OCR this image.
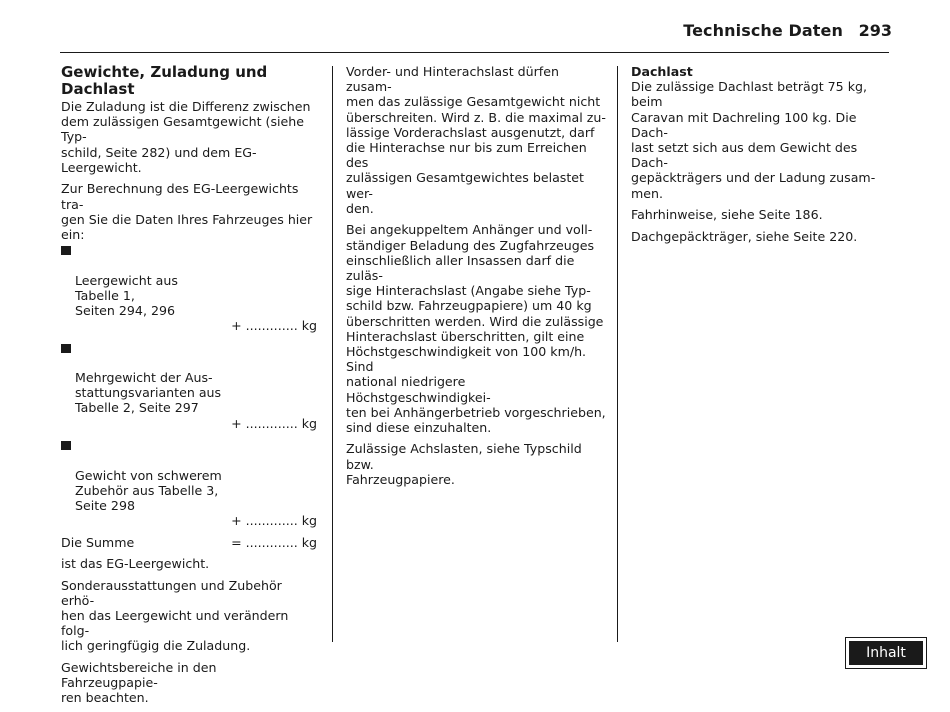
Technische Daten 293
Gewichte, Zuladung und
Dachlast

Die Zuladung ist die Differenz zwischen
dem zulässigen Gesamtgewicht (siehe Typ-
schild, Seite 282) und dem EG-Leergewicht.

Zur Berechnung des EG-Leergewichts tra-
gen Sie die Daten Ihres Fahrzeuges hier ein:

Leergewicht aus
Tabelle 1,
Seiten 294, 296

+ ............. kg

Mehrgewicht der Aus-
stattungsvarianten aus
Tabelle 2, Seite 297

+ ............. kg

Gewicht von schwerem
Zubehör aus Tabelle 3,
Seite 298

+ ............. kg

Die Summe	= ............. kg

ist das EG-Leergewicht.

Sonderausstattungen und Zubehör erhö-
hen das Leergewicht und verändern folg-
lich geringfügig die Zuladung.

Gewichtsbereiche in den Fahrzeugpapie-
ren beachten.

Vorder- und Hinterachslast dürfen zusam-
men das zulässige Gesamtgewicht nicht
überschreiten. Wird z. B. die maximal zu-
lässige Vorderachslast ausgenutzt, darf
die Hinterachse nur bis zum Erreichen des
zulässigen Gesamtgewichtes belastet wer-
den.

Bei angekuppeltem Anhänger und voll-
ständiger Beladung des Zugfahrzeuges
einschließlich aller Insassen darf die zuläs-
sige Hinterachslast (Angabe siehe Typ-
schild bzw. Fahrzeugpapiere) um 40 kg
überschritten werden. Wird die zulässige
Hinterachslast überschritten, gilt eine
Höchstgeschwindigkeit von 100 km/h. Sind
national niedrigere Höchstgeschwindigkei-
ten bei Anhängerbetrieb vorgeschrieben,
sind diese einzuhalten.

Zulässige Achslasten, siehe Typschild bzw.
Fahrzeugpapiere.

Dachlast

Die zulässige Dachlast beträgt 75 kg, beim
Caravan mit Dachreling 100 kg. Die Dach-
last setzt sich aus dem Gewicht des Dach-
gepäckträgers und der Ladung zusam-
men.

Fahrhinweise, siehe Seite 186.

Dachgepäckträger, siehe Seite 220.

Inhalt
